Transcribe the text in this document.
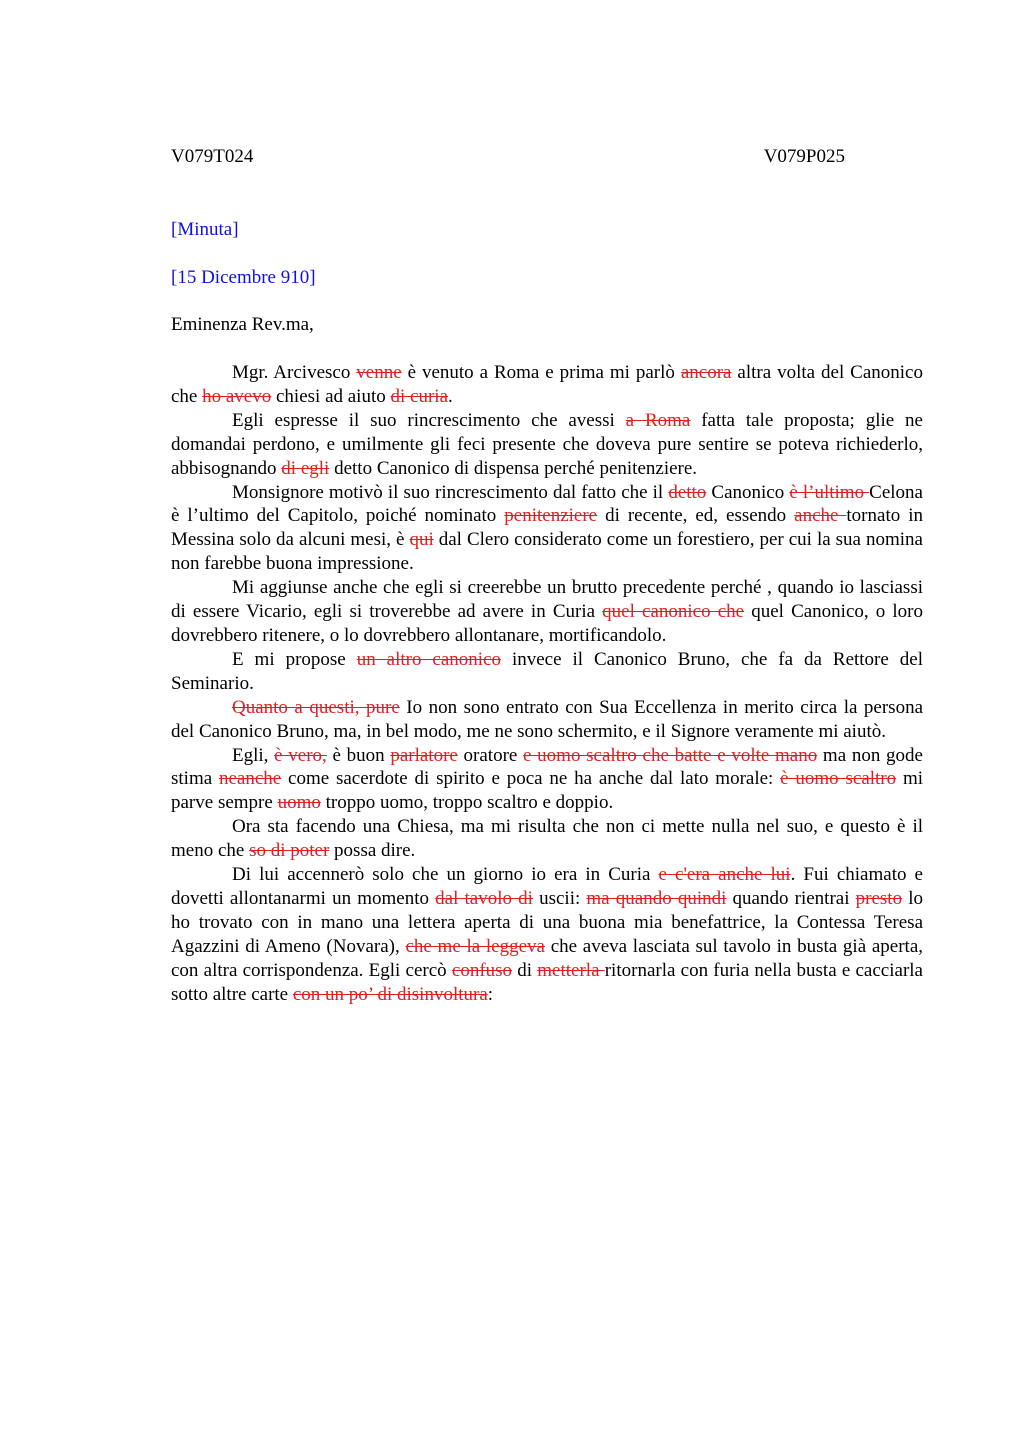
V079T024	V079P025
[Minuta]
[15 Dicembre 910]
Eminenza Rev.ma,

Mgr. Arcivesco venne è venuto a Roma e prima mi parlò ancora altra volta del Canonico che ho avevo chiesi ad aiuto di curia.

Egli espresse il suo rincrescimento che avessi a Roma fatta tale proposta; glie ne domandai perdono, e umilmente gli feci presente che doveva pure sentire se poteva richiederlo, abbisognando di egli detto Canonico di dispensa perché penitenziere.

Monsignore motivò il suo rincrescimento dal fatto che il detto Canonico è l’ultimo Celona è l’ultimo del Capitolo, poiché nominato penitenziere di recente, ed, essendo anche tornato in Messina solo da alcuni mesi, è qui dal Clero considerato come un forestiero, per cui la sua nomina non farebbe buona impressione.

Mi aggiunse anche che egli si creerebbe un brutto precedente perché , quando io lasciassi di essere Vicario, egli si troverebbe ad avere in Curia quel canonico che quel Canonico, o loro dovrebbero ritenere, o lo dovrebbero allontanare, mortificandolo.

E mi propose un altro canonico invece il Canonico Bruno, che fa da Rettore del Seminario.

Quanto a questi, pure Io non sono entrato con Sua Eccellenza in merito circa la persona del Canonico Bruno, ma, in bel modo, me ne sono schermito, e il Signore veramente mi aiutò.

Egli, è vero, è buon parlatore oratore e uomo scaltro che batte e volte mano ma non gode stima neanche come sacerdote di spirito e poca ne ha anche dal lato morale: è uomo scaltro mi parve sempre uomo troppo uomo, troppo scaltro e doppio.

Ora sta facendo una Chiesa, ma mi risulta che non ci mette nulla nel suo, e questo è il meno che so di poter possa dire.

Di lui accennerò solo che un giorno io era in Curia e c'era anche lui. Fui chiamato e dovetti allontanarmi un momento dal tavolo di uscii: ma quando quindi quando rientrai presto lo ho trovato con in mano una lettera aperta di una buona mia benefattrice, la Contessa Teresa Agazzini di Ameno (Novara), che me la leggeva che aveva lasciata sul tavolo in busta già aperta, con altra corrispondenza. Egli cercò confuso di metterla ritornarla con furia nella busta e cacciarla sotto altre carte con un po’ di disinvoltura:
